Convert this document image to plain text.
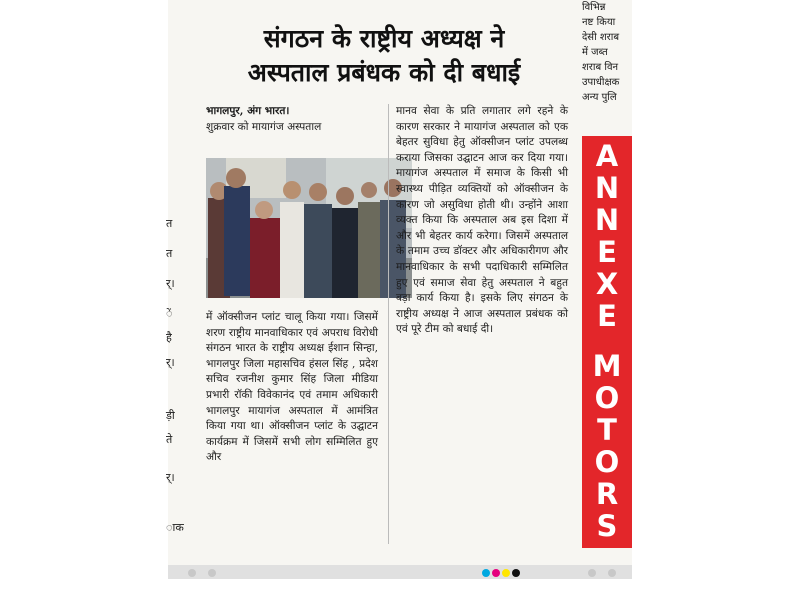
त
त
र्।
ें
है
र्।
ड़ी
ते
र्।
ाक
संगठन के राष्ट्रीय अध्यक्ष ने
अस्पताल प्रबंधक को दी बधाई

भागलपुर, अंग भारत।

शुक्रवार को मायागंज अस्पताल

में ऑक्सीजन प्लांट चालू किया गया। जिसमें शरण राष्ट्रीय मानवाधिकार एवं अपराध विरोधी संगठन भारत के राष्ट्रीय अध्यक्ष ईशान सिन्हा, भागलपुर जिला महासचिव हंसल सिंह , प्रदेश सचिव रजनीश कुमार सिंह जिला मीडिया प्रभारी रॉकी विवेकानंद एवं तमाम अधिकारी भागलपुर मायागंज अस्पताल में आमंत्रित किया गया था। ऑक्सीजन प्लांट के उद्घाटन कार्यक्रम में जिसमें सभी लोग सम्मिलित हुए और

मानव सेवा के प्रति लगातार लगे रहने के कारण सरकार ने मायागंज अस्पताल को एक बेहतर सुविधा हेतु ऑक्सीजन प्लांट उपलब्ध कराया जिसका उद्घाटन आज कर दिया गया। मायागंज अस्पताल में समाज के किसी भी स्वास्थ्य पीड़ित व्यक्तियों को ऑक्सीजन के कारण जो असुविधा होती थी। उन्होंने आशा व्यक्त किया कि अस्पताल अब इस दिशा में और भी बेहतर कार्य करेगा। जिसमें अस्पताल के तमाम उच्च डॉक्टर और अधिकारीगण और मानवाधिकार के सभी पदाधिकारी सम्मिलित हुए एवं समाज सेवा हेतु अस्पताल ने बहुत बड़ा कार्य किया है। इसके लिए संगठन के राष्ट्रीय अध्यक्ष ने आज अस्पताल प्रबंधक को एवं पूरे टीम को बधाई दी।

विभिन्न
नष्ट किया
देसी शराब
में जब्त
शराब विन
उपाधीक्षक
अन्य पुलि
A
N
N
E
X
E
M
O
T
O
R
S
